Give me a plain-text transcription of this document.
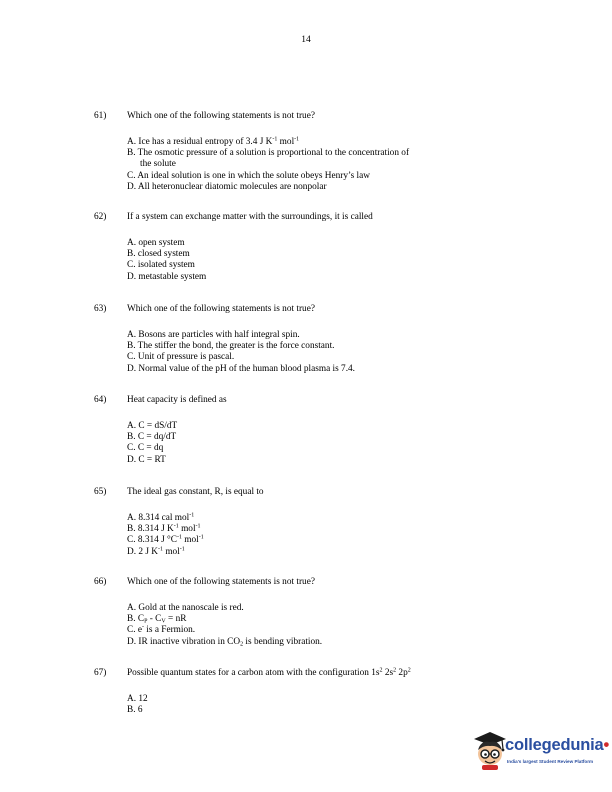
14
61) Which one of the following statements is not true?
A. Ice has a residual entropy of 3.4 J $K^{-1}$ mol$^{-1}$
B. The osmotic pressure of a solution is proportional to the concentration of
the solute
C. An ideal solution is one in which the solute obeys Henry’s law
D. All heteronuclear diatomic molecules are nonpolar
62) If a system can exchange matter with the surroundings, it is called
A. open system
B. closed system
C. isolated system
D. metastable system
63) Which one of the following statements is not true?
A. Bosons are particles with half integral spin.
B. The stiffer the bond, the greater is the force constant.
C. Unit of pressure is pascal.
D. Normal value of the pH of the human blood plasma is 7.4.
64) Heat capacity is defined as
A. C = dS/dT
B. C = dq/dT
C. C = dq
D. C = RT
65) The ideal gas constant, R, is equal to
A. 8.314 cal mol$^{-1}$
B. 8.314 J $K^{-1}$ mol$^{-1}$
C. 8.314 J $^\circ C^{-1}$ mol$^{-1}$
D. 2 J $K^{-1}$ mol$^{-1}$
66) Which one of the following statements is not true?
A. Gold at the nanoscale is red.
B. $C_P - C_V$ = nR
C. e- is a Fermion.
D. IR inactive vibration in $CO_2$ is bending vibration.
67) Possible quantum states for a carbon atom with the configuration $1s^2$ $2s^2$ $2p^2$
A. 12
B. 6
collegedunia•
India's largest Student Review Platform
